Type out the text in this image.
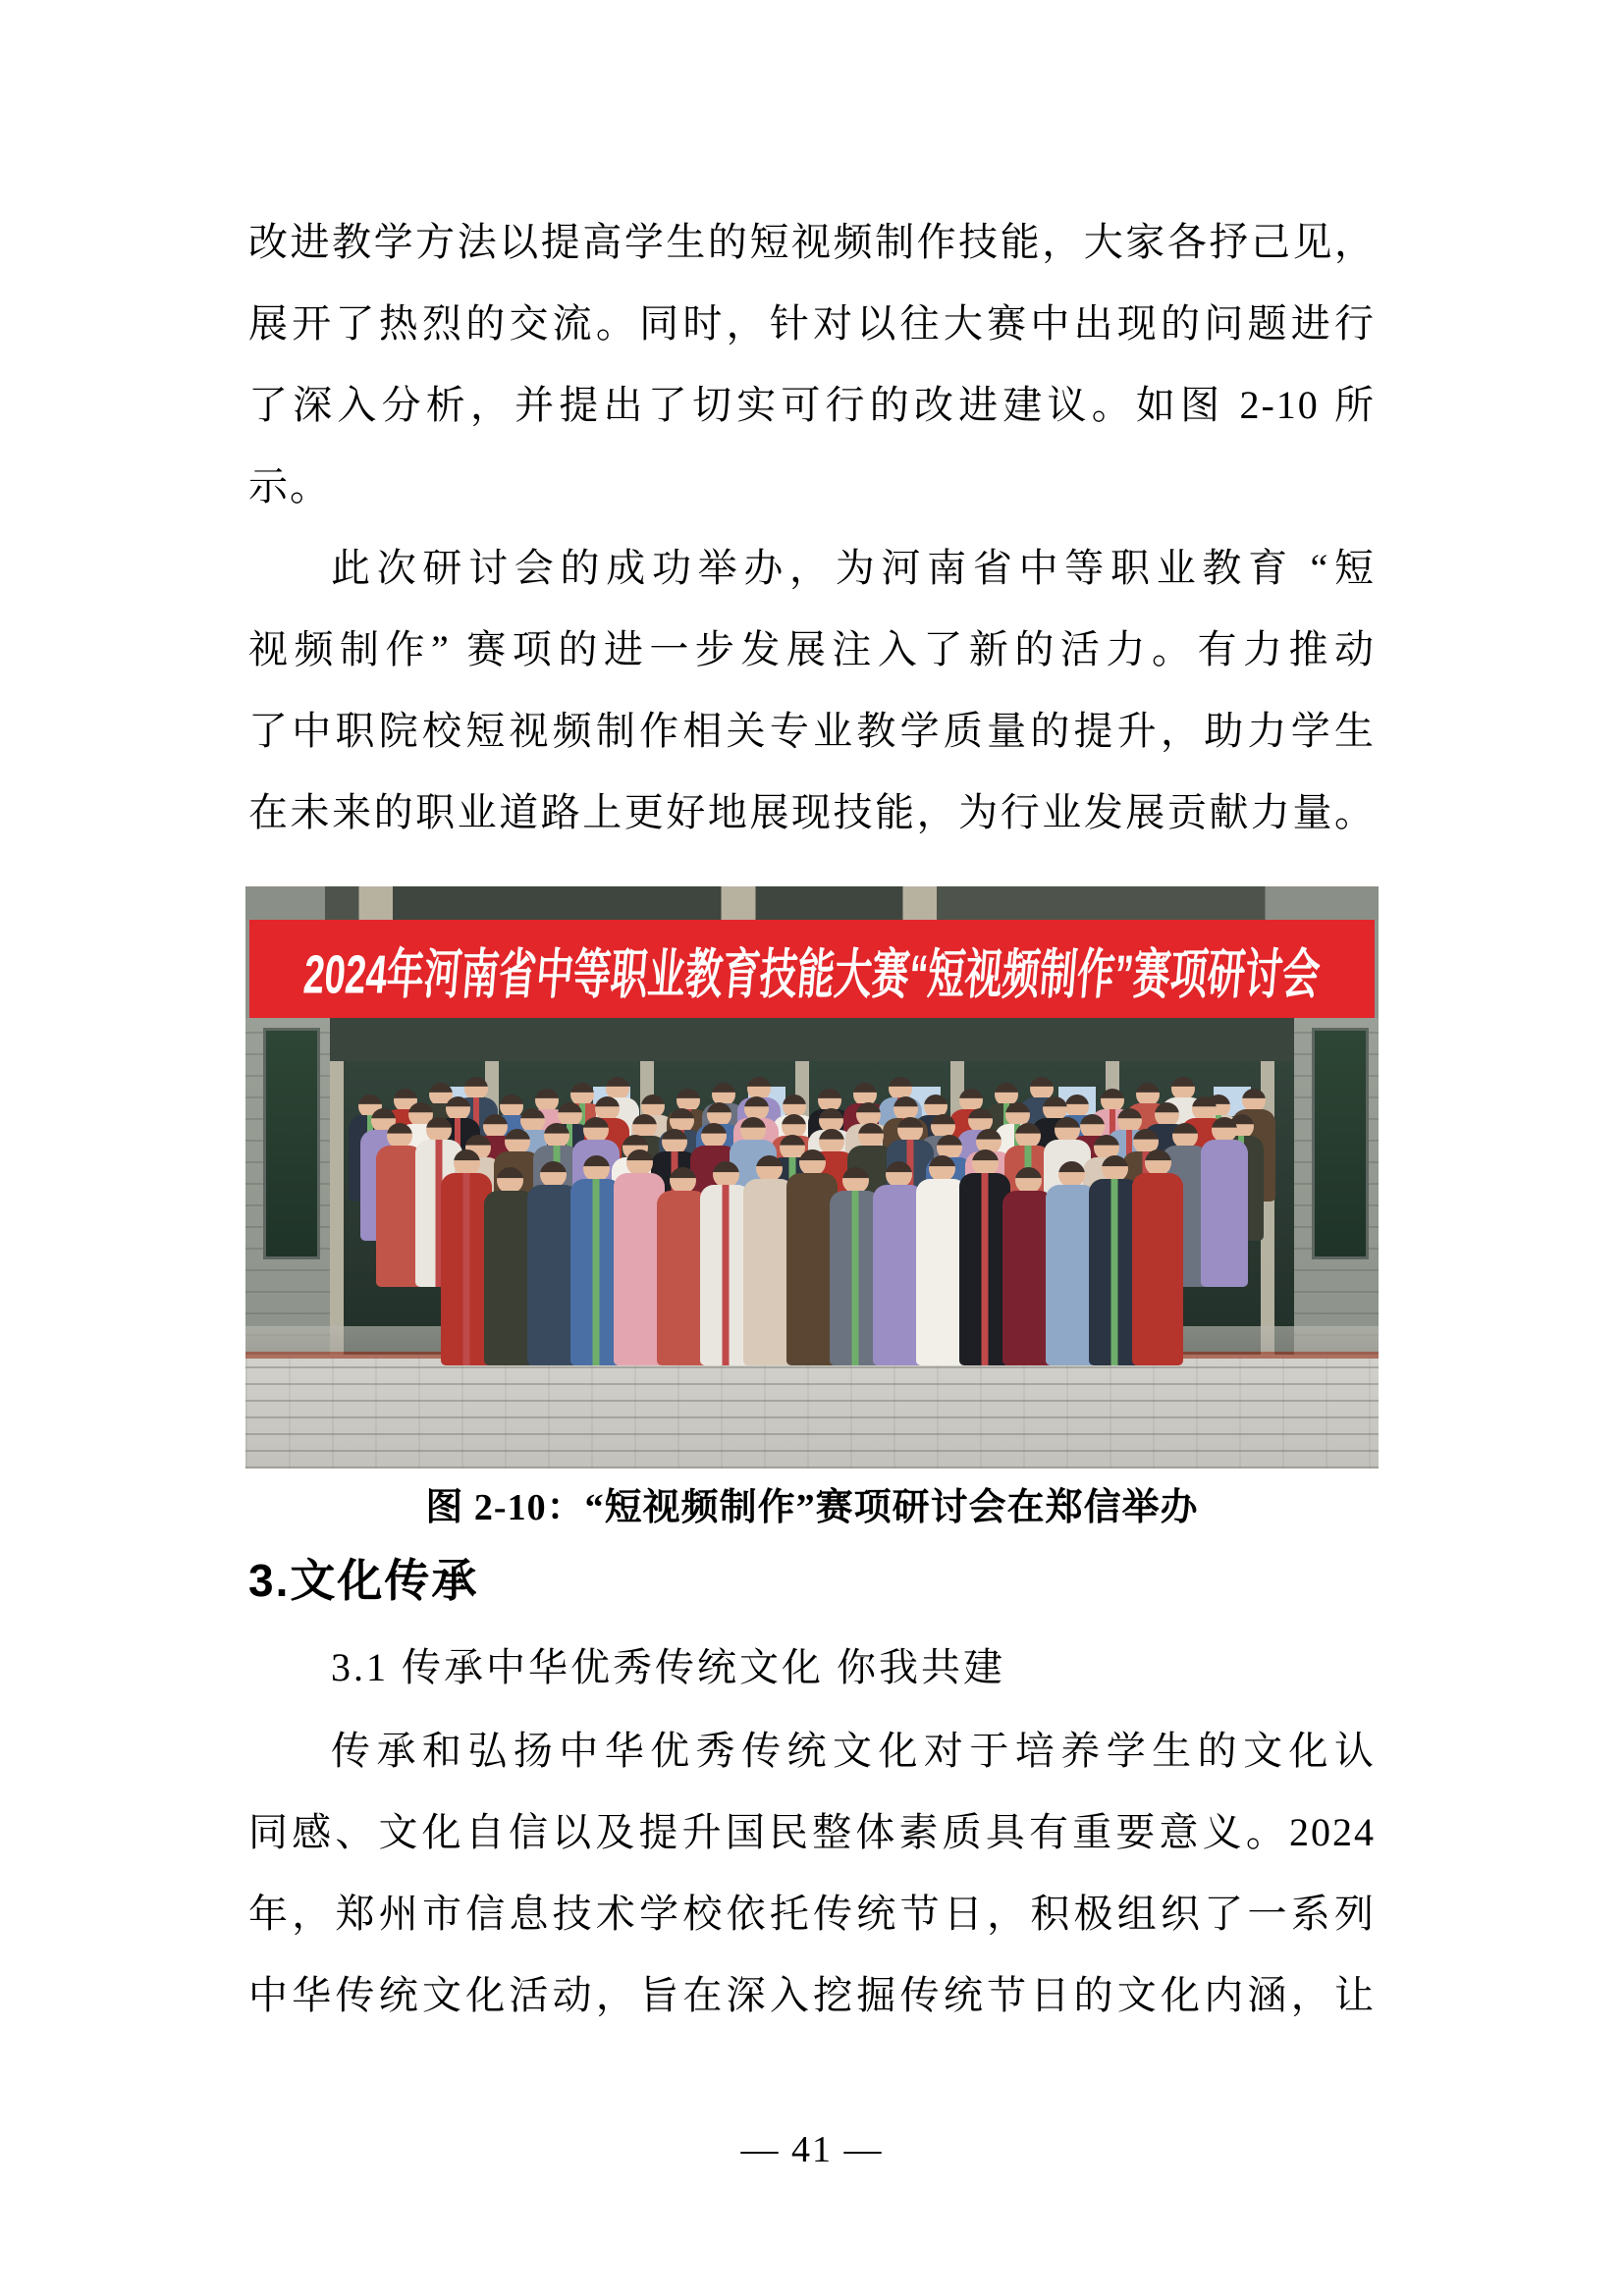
改进教学方法以提高学生的短视频制作技能，大家各抒己见，
展开了热烈的交流。同时，针对以往大赛中出现的问题进行
了深入分析，并提出了切实可行的改进建议。如图 2-10 所
示。
此次研讨会的成功举办，为河南省中等职业教育 “短
视频制作” 赛项的进一步发展注入了新的活力。有力推动
了中职院校短视频制作相关专业教学质量的提升，助力学生
在未来的职业道路上更好地展现技能，为行业发展贡献力量。
2024年河南省中等职业教育技能大赛“短视频制作”赛项研讨会
图 2-10：“短视频制作”赛项研讨会在郑信举办
3.文化传承
3.1 传承中华优秀传统文化 你我共建
传承和弘扬中华优秀传统文化对于培养学生的文化认
同感、文化自信以及提升国民整体素质具有重要意义。2024
年，郑州市信息技术学校依托传统节日，积极组织了一系列
中华传统文化活动，旨在深入挖掘传统节日的文化内涵，让
— 41 —
